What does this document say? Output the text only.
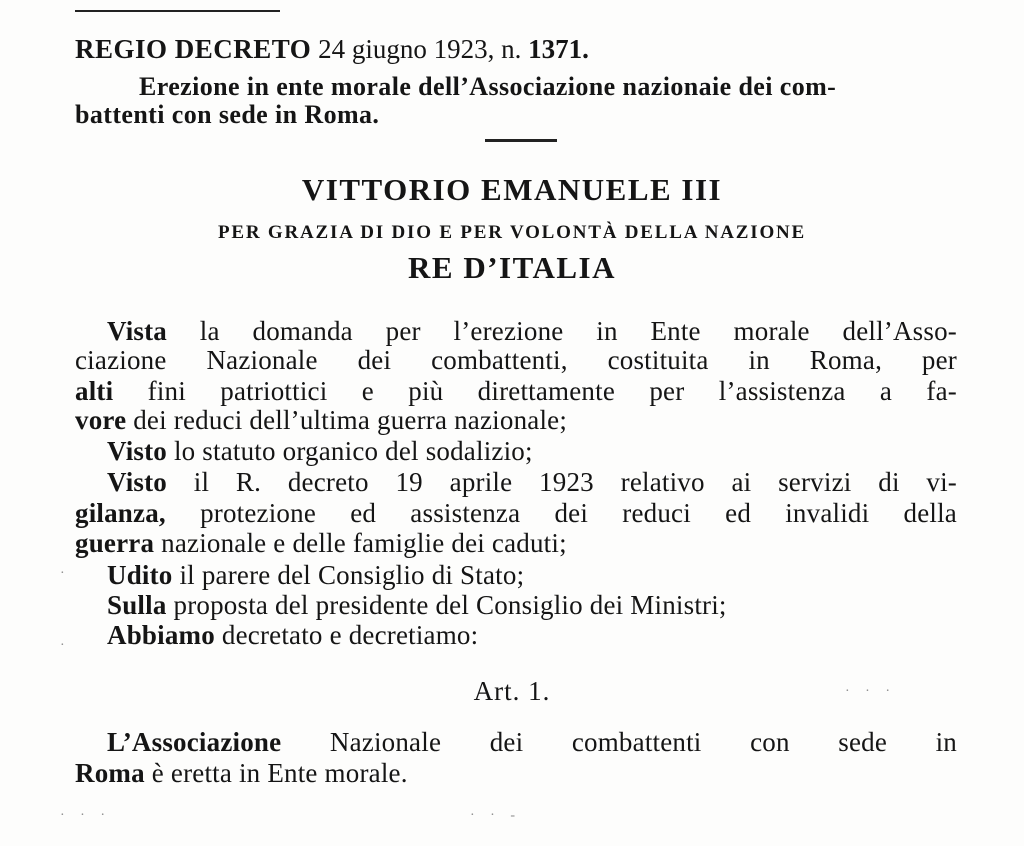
REGIO DECRETO 24 giugno 1923, n. 1371.
Erezione in ente morale dell’Associazione nazionaie dei com-
battenti con sede in Roma.
VITTORIO EMANUELE III
PER GRAZIA DI DIO E PER VOLONTÀ DELLA NAZIONE
RE D’ITALIA
Vista la domanda per l’erezione in Ente morale dell’Asso-
ciazione Nazionale dei combattenti, costituita in Roma, per
alti fini patriottici e più direttamente per l’assistenza a fa-
vore dei reduci dell’ultima guerra nazionale;
Visto lo statuto organico del sodalizio;
Visto il R. decreto 19 aprile 1923 relativo ai servizi di vi-
gilanza, protezione ed assistenza dei reduci ed invalidi della
guerra nazionale e delle famiglie dei caduti;
Udito il parere del Consiglio di Stato;
Sulla proposta del presidente del Consiglio dei Ministri;
Abbiamo decretato e decretiamo:
Art. 1.
L’Associazione Nazionale dei combattenti con sede in
Roma è eretta in Ente morale.
· · ·
· · ·	· · -
·
·
